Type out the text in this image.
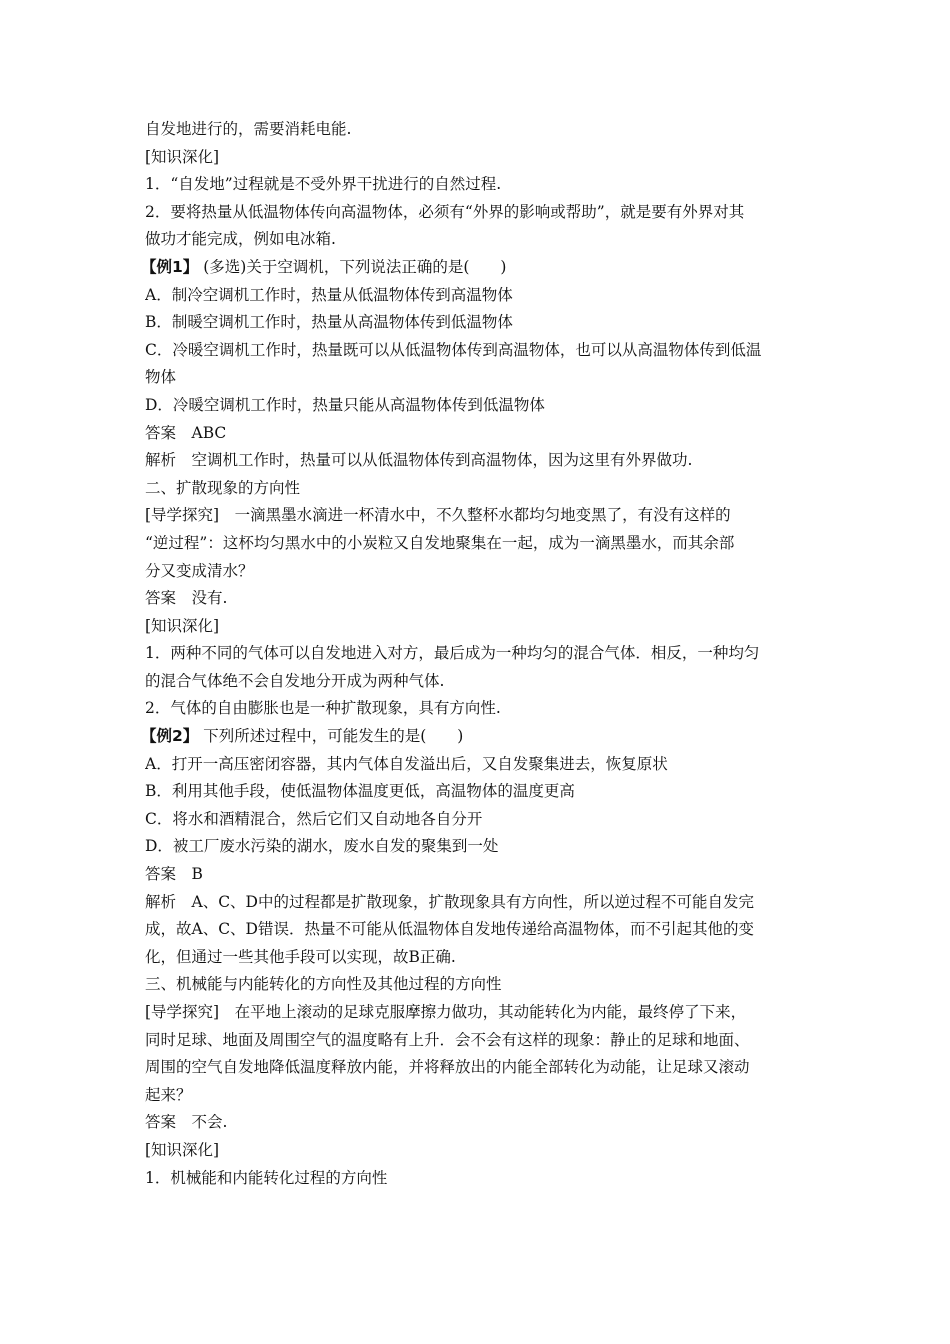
自发地进行的，需要消耗电能.
[知识深化]
1．“自发地”过程就是不受外界干扰进行的自然过程.
2．要将热量从低温物体传向高温物体，必须有“外界的影响或帮助”，就是要有外界对其
做功才能完成，例如电冰箱.
【例1】 (多选)关于空调机，下列说法正确的是(　　)
A．制冷空调机工作时，热量从低温物体传到高温物体
B．制暖空调机工作时，热量从高温物体传到低温物体
C．冷暖空调机工作时，热量既可以从低温物体传到高温物体，也可以从高温物体传到低温
物体
D．冷暖空调机工作时，热量只能从高温物体传到低温物体
答案　ABC
解析　空调机工作时，热量可以从低温物体传到高温物体，因为这里有外界做功.
二、扩散现象的方向性
[导学探究]　一滴黑墨水滴进一杯清水中，不久整杯水都均匀地变黑了，有没有这样的
“逆过程”：这杯均匀黑水中的小炭粒又自发地聚集在一起，成为一滴黑墨水，而其余部
分又变成清水？
答案　没有.
[知识深化]
1．两种不同的气体可以自发地进入对方，最后成为一种均匀的混合气体．相反，一种均匀
的混合气体绝不会自发地分开成为两种气体.
2．气体的自由膨胀也是一种扩散现象，具有方向性.
【例2】 下列所述过程中，可能发生的是(　　)
A．打开一高压密闭容器，其内气体自发溢出后，又自发聚集进去，恢复原状
B．利用其他手段，使低温物体温度更低，高温物体的温度更高
C．将水和酒精混合，然后它们又自动地各自分开
D．被工厂废水污染的湖水，废水自发的聚集到一处
答案　B
解析　A、C、D中的过程都是扩散现象，扩散现象具有方向性，所以逆过程不可能自发完
成，故A、C、D错误．热量不可能从低温物体自发地传递给高温物体，而不引起其他的变
化，但通过一些其他手段可以实现，故B正确.
三、机械能与内能转化的方向性及其他过程的方向性
[导学探究]　在平地上滚动的足球克服摩擦力做功，其动能转化为内能，最终停了下来，
同时足球、地面及周围空气的温度略有上升．会不会有这样的现象：静止的足球和地面、
周围的空气自发地降低温度释放内能，并将释放出的内能全部转化为动能，让足球又滚动
起来？
答案　不会.
[知识深化]
1．机械能和内能转化过程的方向性
